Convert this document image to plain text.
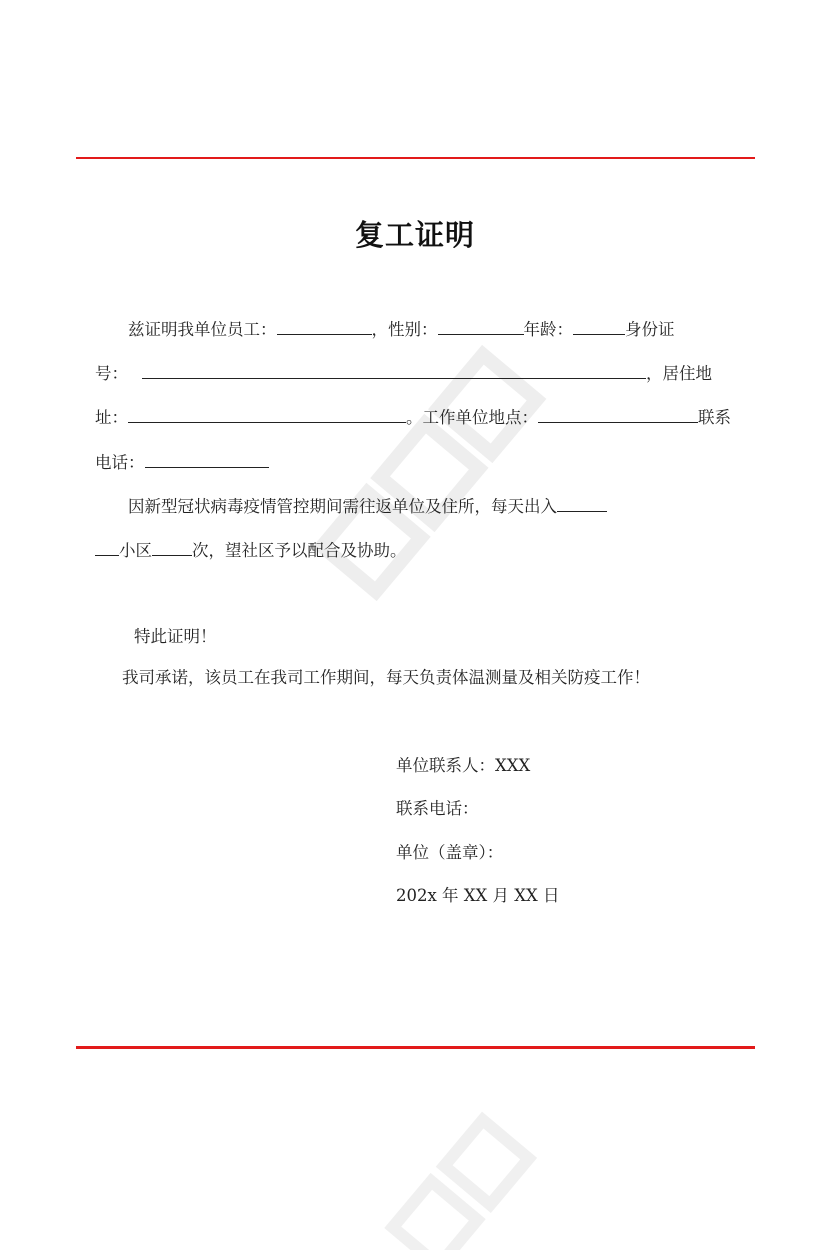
复工证明
兹证明我单位员工：	，性别：	年龄：	身份证
号：	，居住地
址：	。工作单位地点：	联系
电话：
因新型冠状病毒疫情管控期间需往返单位及住所，每天出入
小区 次，望社区予以配合及协助。
特此证明！
我司承诺，该员工在我司工作期间，每天负责体温测量及相关防疫工作！
单位联系人：XXX
联系电话：
单位（盖章）：
202x 年 XX 月 XX 日
